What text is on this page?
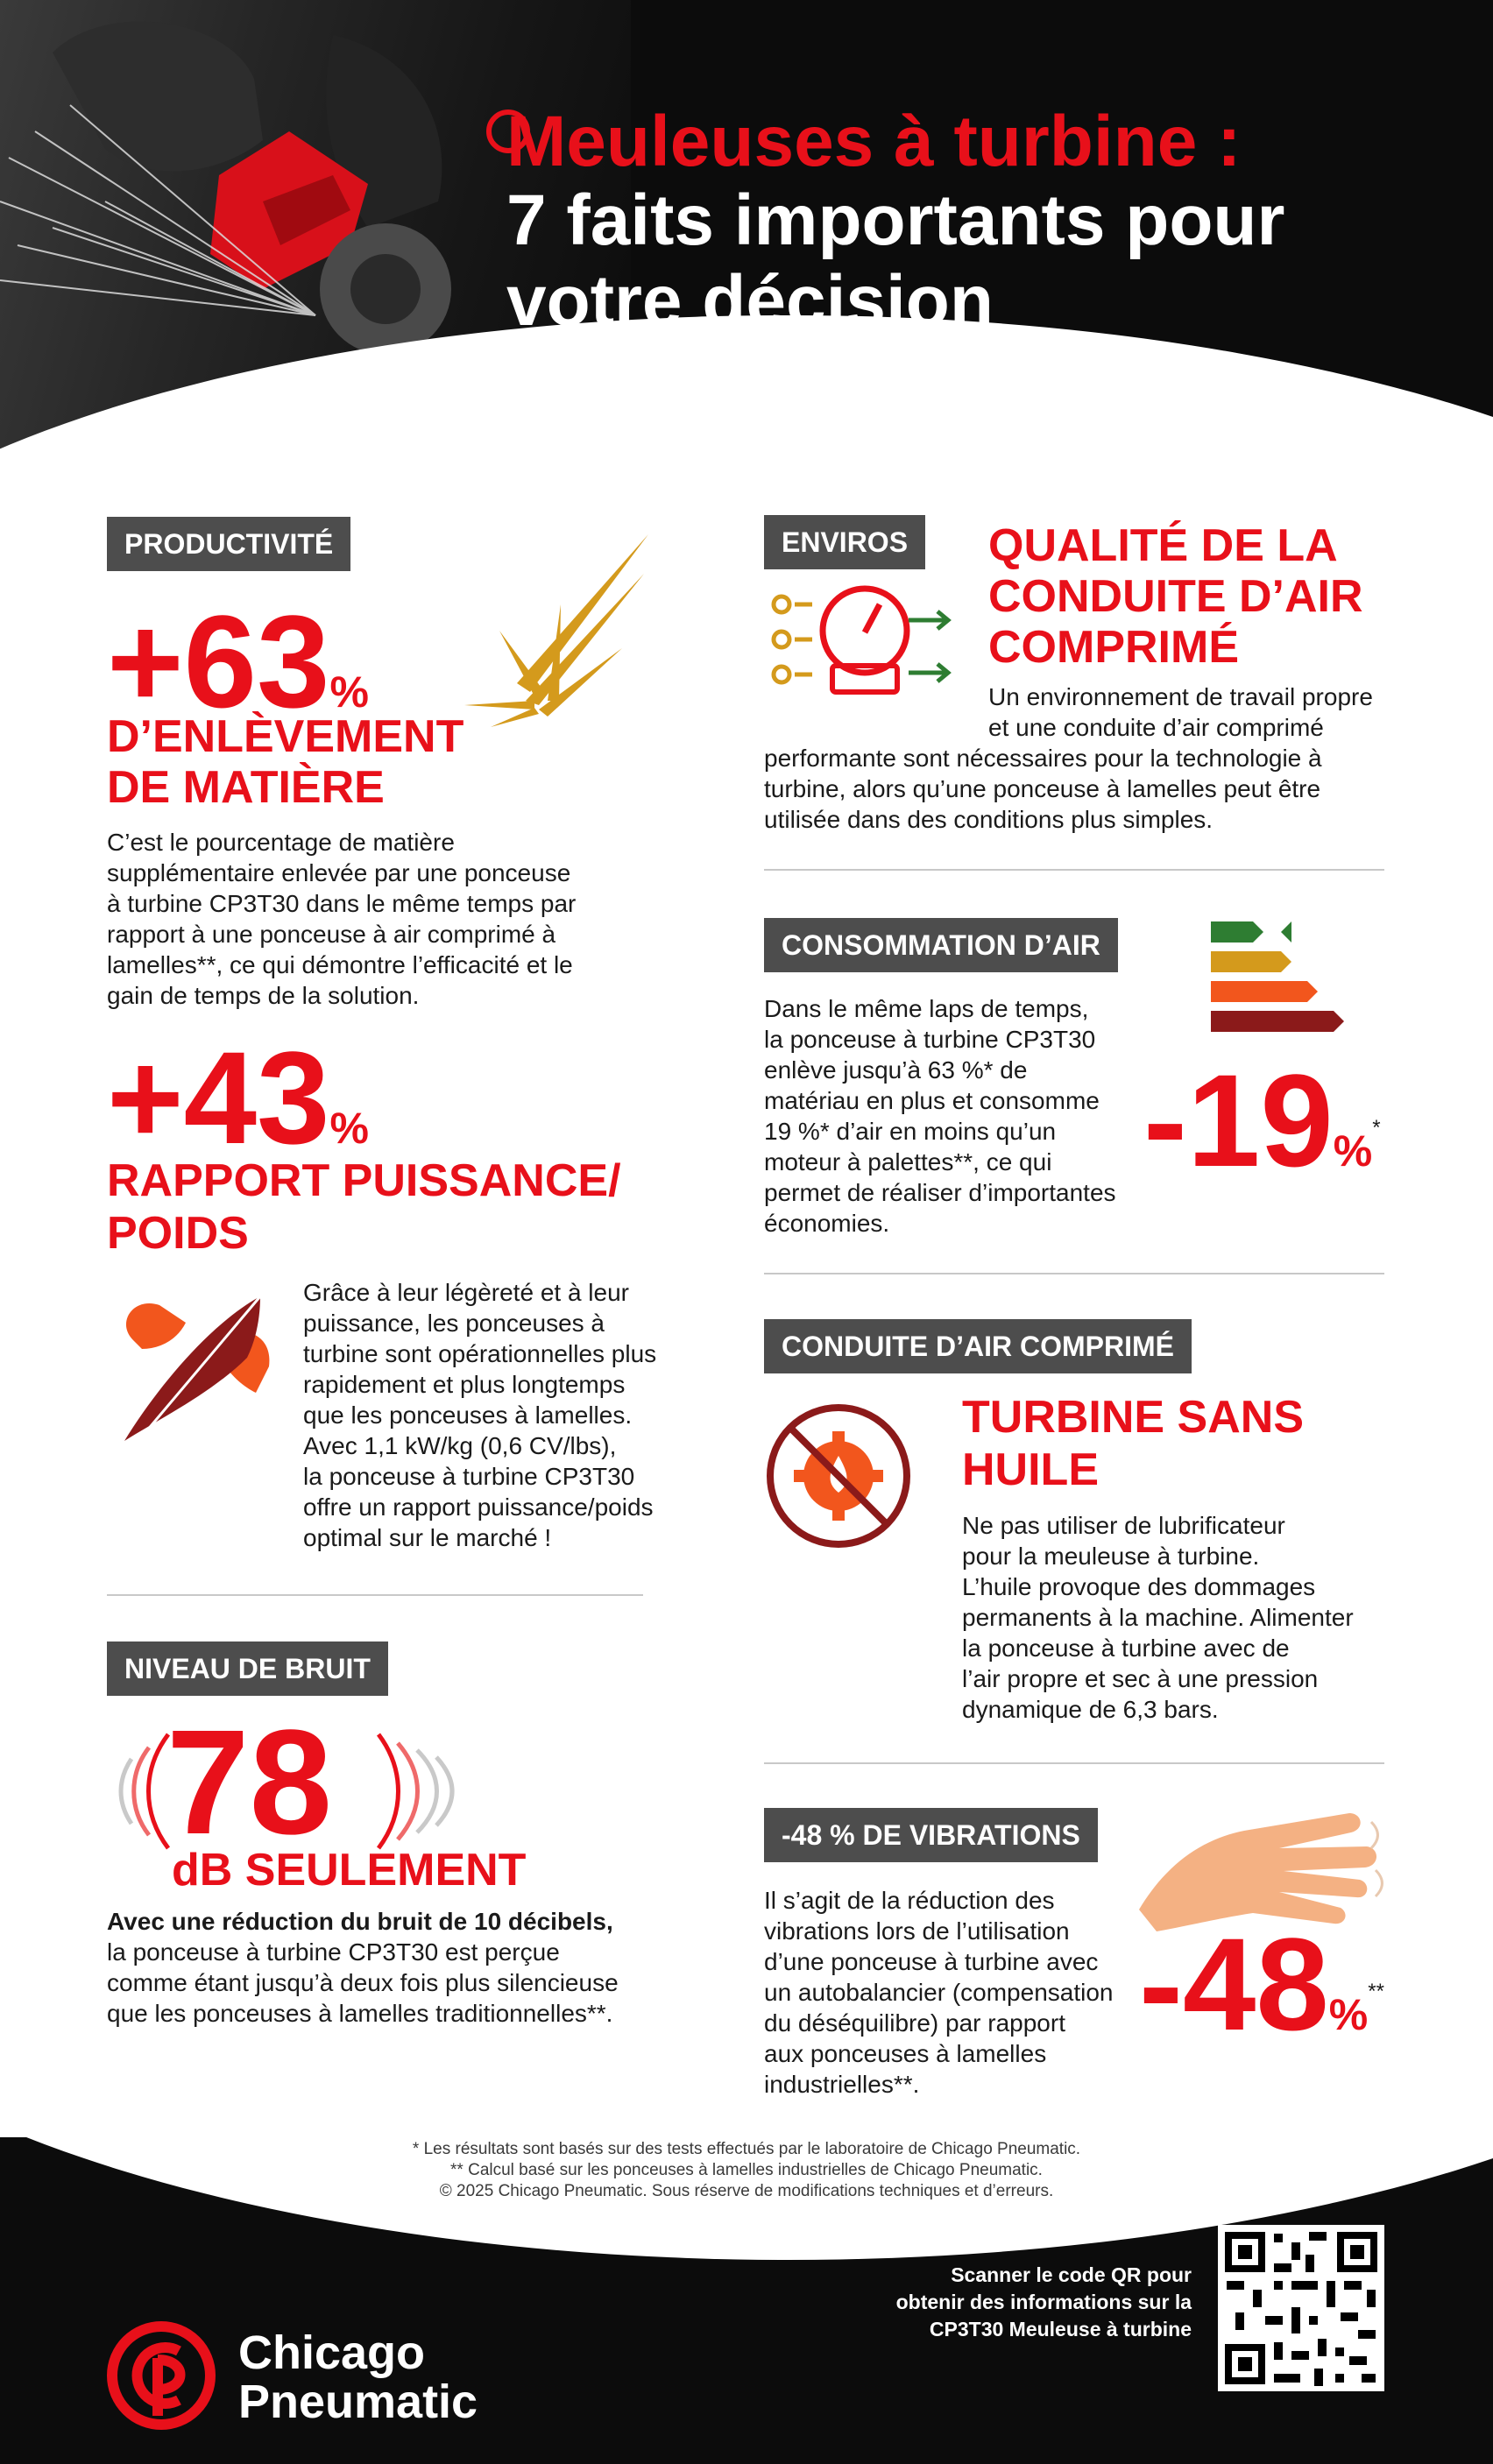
Meuleuses à turbine :
7 faits importants pour
votre décision
PRODUCTIVITÉ
+63%
D’ENLÈVEMENT
DE MATIÈRE
C’est le pourcentage de matière
supplémentaire enlevée par une ponceuse
à turbine CP3T30 dans le même temps par
rapport à une ponceuse à air comprimé à
lamelles**, ce qui démontre l’efficacité et le
gain de temps de la solution.
+43%
RAPPORT PUISSANCE/
POIDS
Grâce à leur légèreté et à leur
puissance, les ponceuses à
turbine sont opérationnelles plus
rapidement et plus longtemps
que les ponceuses à lamelles.
Avec 1,1 kW/kg (0,6 CV/lbs),
la ponceuse à turbine CP3T30
offre un rapport puissance/poids
optimal sur le marché !
NIVEAU DE BRUIT
78
dB SEULEMENT
Avec une réduction du bruit de 10 décibels,
la ponceuse à turbine CP3T30 est perçue
comme étant jusqu’à deux fois plus silencieuse
que les ponceuses à lamelles traditionnelles**.
ENVIROS	QUALITÉ DE LA
CONDUITE D’AIR
COMPRIMÉ
Un environnement de travail propre
et une conduite d’air comprimé
performante sont nécessaires pour la technologie à
turbine, alors qu’une ponceuse à lamelles peut être
utilisée dans des conditions plus simples.
CONSOMMATION D’AIR
Dans le même laps de temps,
la ponceuse à turbine CP3T30
enlève jusqu’à 63 %* de
matériau en plus et consomme
19 %* d’air en moins qu’un
moteur à palettes**, ce qui
permet de réaliser d’importantes
économies.
-19%*
CONDUITE D’AIR COMPRIMÉ
TURBINE SANS
HUILE
Ne pas utiliser de lubrificateur
pour la meuleuse à turbine.
L’huile provoque des dommages
permanents à la machine. Alimenter
la ponceuse à turbine avec de
l’air propre et sec à une pression
dynamique de 6,3 bars.
-48 % DE VIBRATIONS
Il s’agit de la réduction des
vibrations lors de l’utilisation
d’une ponceuse à turbine avec
un autobalancier (compensation
du déséquilibre) par rapport
aux ponceuses à lamelles
industrielles**.
-48%**
* Les résultats sont basés sur des tests effectués par le laboratoire de Chicago Pneumatic.
** Calcul basé sur les ponceuses à lamelles industrielles de Chicago Pneumatic.
© 2025 Chicago Pneumatic. Sous réserve de modifications techniques et d’erreurs.
Chicago
Pneumatic
Scanner le code QR pour
obtenir des informations sur la
CP3T30 Meuleuse à turbine
